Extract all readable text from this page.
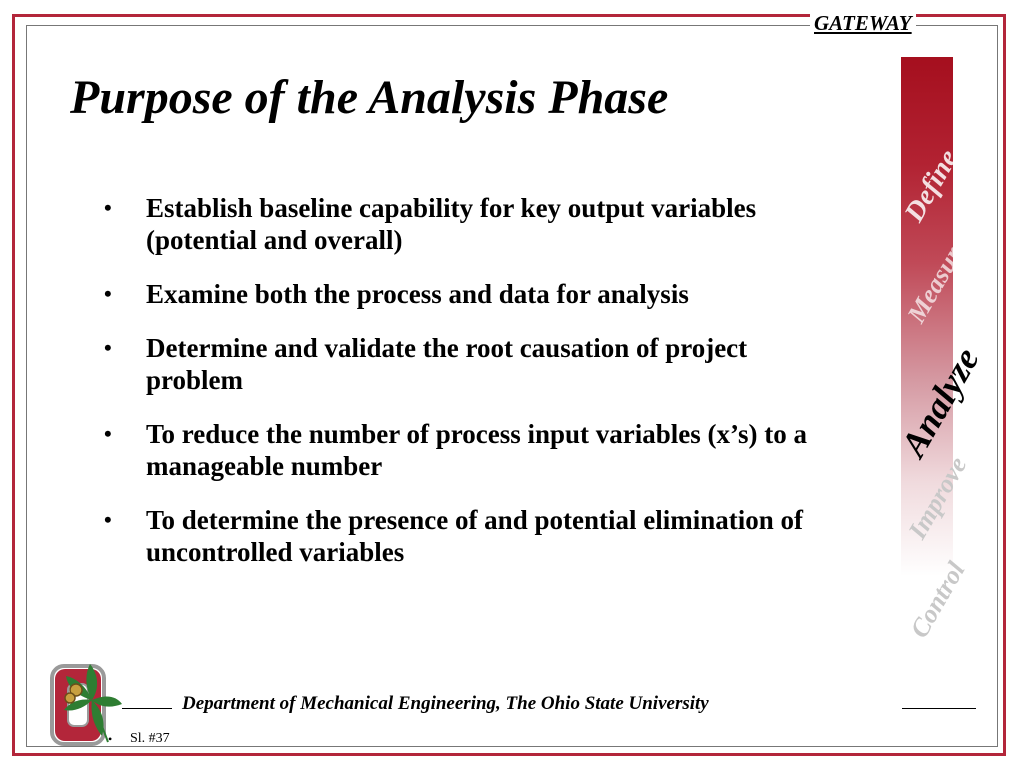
GATEWAY
Purpose of the Analysis Phase
• Establish baseline capability for key output variables (potential and overall)
• Examine both the process and data for analysis
• Determine and validate the root causation of project problem
• To reduce the number of process input variables (x’s) to a manageable number
• To determine the presence of and potential elimination of uncontrolled variables
Define
Measure
Analyze
Improve
Control
Department of Mechanical Engineering, The Ohio State University
• Sl. #37
